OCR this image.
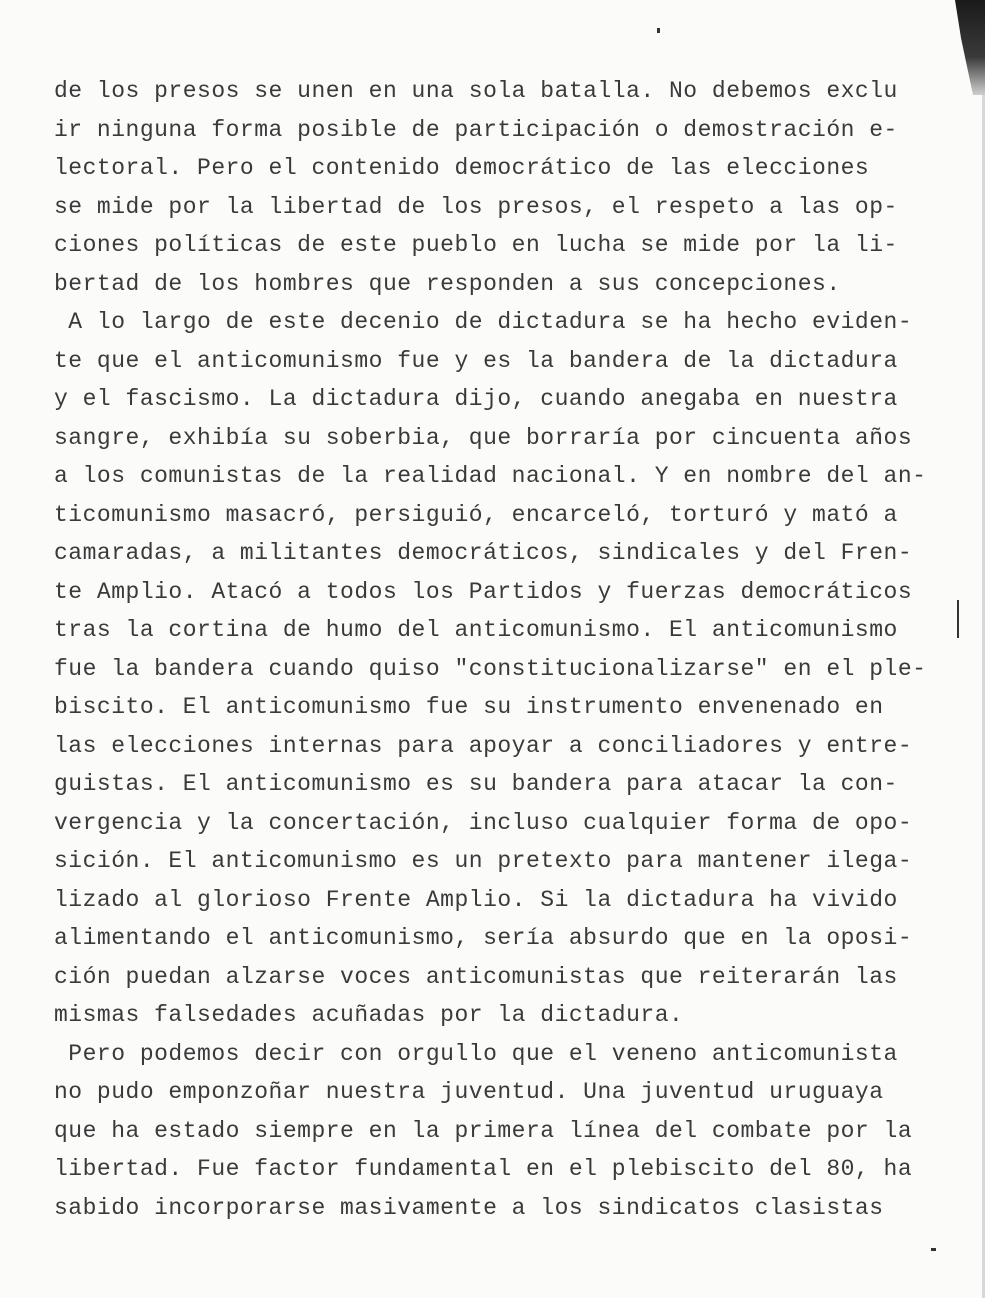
de los presos se unen en una sola batalla. No debemos exclu
ir ninguna forma posible de participación o demostración e-
lectoral. Pero el contenido democrático de las elecciones
se mide por la libertad de los presos, el respeto a las op-
ciones políticas de este pueblo en lucha se mide por la li-
bertad de los hombres que responden a sus concepciones.
A lo largo de este decenio de dictadura se ha hecho eviden-
te que el anticomunismo fue y es la bandera de la dictadura
y el fascismo. La dictadura dijo, cuando anegaba en nuestra
sangre, exhibía su soberbia, que borraría por cincuenta años
a los comunistas de la realidad nacional. Y en nombre del an-
ticomunismo masacró, persiguió, encarceló, torturó y mató a
camaradas, a militantes democráticos, sindicales y del Fren-
te Amplio. Atacó a todos los Partidos y fuerzas democráticos
tras la cortina de humo del anticomunismo. El anticomunismo
fue la bandera cuando quiso "constitucionalizarse" en el ple-
biscito. El anticomunismo fue su instrumento envenenado en
las elecciones internas para apoyar a conciliadores y entre-
guistas. El anticomunismo es su bandera para atacar la con-
vergencia y la concertación, incluso cualquier forma de opo-
sición. El anticomunismo es un pretexto para mantener ilega-
lizado al glorioso Frente Amplio. Si la dictadura ha vivido
alimentando el anticomunismo, sería absurdo que en la oposi-
ción puedan alzarse voces anticomunistas que reiterarán las
mismas falsedades acuñadas por la dictadura.
Pero podemos decir con orgullo que el veneno anticomunista
no pudo emponzoñar nuestra juventud. Una juventud uruguaya
que ha estado siempre en la primera línea del combate por la
libertad. Fue factor fundamental en el plebiscito del 80, ha
sabido incorporarse masivamente a los sindicatos clasistas
